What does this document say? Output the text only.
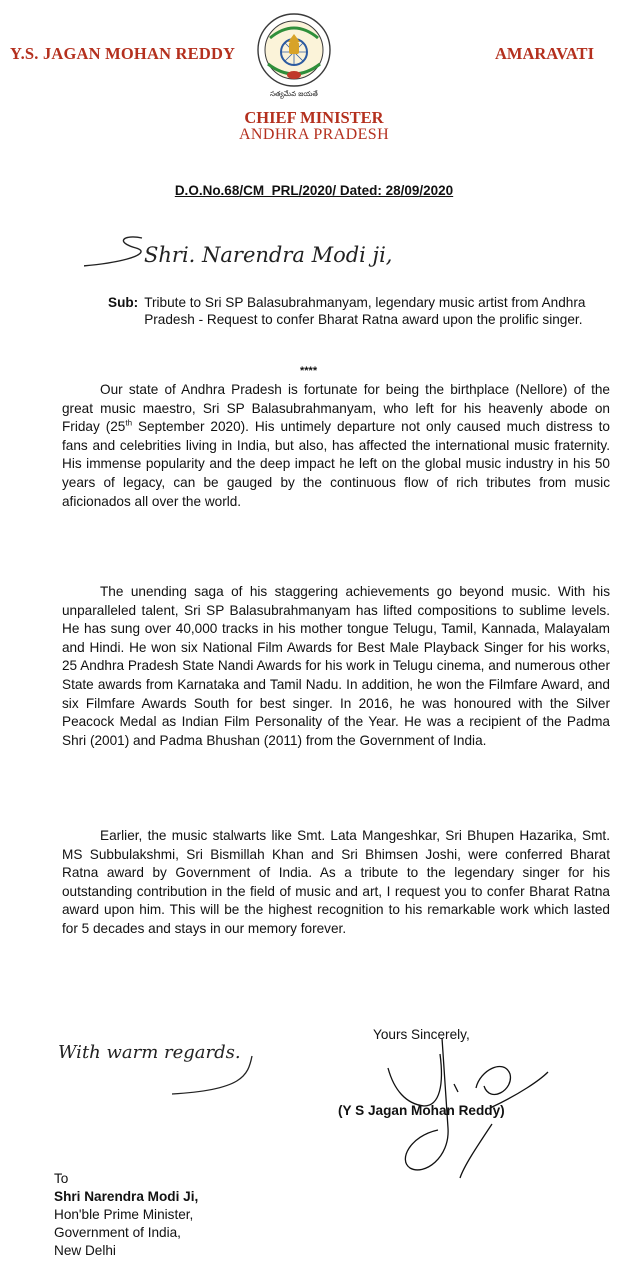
Y.S. JAGAN MOHAN REDDY	AMARAVATI
సత్యమేవ జయతే
CHIEF MINISTER
ANDHRA PRADESH
D.O.No.68/CM_PRL/2020/ Dated: 28/09/2020
Shri. Narendra Modi ji,
Sub: Tribute to Sri SP Balasubrahmanyam, legendary music artist from Andhra Pradesh - Request to confer Bharat Ratna award upon the prolific singer.
****

Our state of Andhra Pradesh is fortunate for being the birthplace (Nellore) of the great music maestro, Sri SP Balasubrahmanyam, who left for his heavenly abode on Friday (25th September 2020). His untimely departure not only caused much distress to fans and celebrities living in India, but also, has affected the international music fraternity. His immense popularity and the deep impact he left on the global music industry in his 50 years of legacy, can be gauged by the continuous flow of rich tributes from music aficionados all over the world.

The unending saga of his staggering achievements go beyond music. With his unparalleled talent, Sri SP Balasubrahmanyam has lifted compositions to sublime levels. He has sung over 40,000 tracks in his mother tongue Telugu, Tamil, Kannada, Malayalam and Hindi. He won six National Film Awards for Best Male Playback Singer for his works, 25 Andhra Pradesh State Nandi Awards for his work in Telugu cinema, and numerous other State awards from Karnataka and Tamil Nadu. In addition, he won the Filmfare Award, and six Filmfare Awards South for best singer. In 2016, he was honoured with the Silver Peacock Medal as Indian Film Personality of the Year. He was a recipient of the Padma Shri (2001) and Padma Bhushan (2011) from the Government of India.

Earlier, the music stalwarts like Smt. Lata Mangeshkar, Sri Bhupen Hazarika, Smt. MS Subbulakshmi, Sri Bismillah Khan and Sri Bhimsen Joshi, were conferred Bharat Ratna award by Government of India. As a tribute to the legendary singer for his outstanding contribution in the field of music and art, I request you to confer Bharat Ratna award upon him. This will be the highest recognition to his remarkable work which lasted for 5 decades and stays in our memory forever.

With warm regards.
Yours Sincerely,
(Y S Jagan Mohan Reddy)
To
Shri Narendra Modi Ji,
Hon'ble Prime Minister,
Government of India,
New Delhi
